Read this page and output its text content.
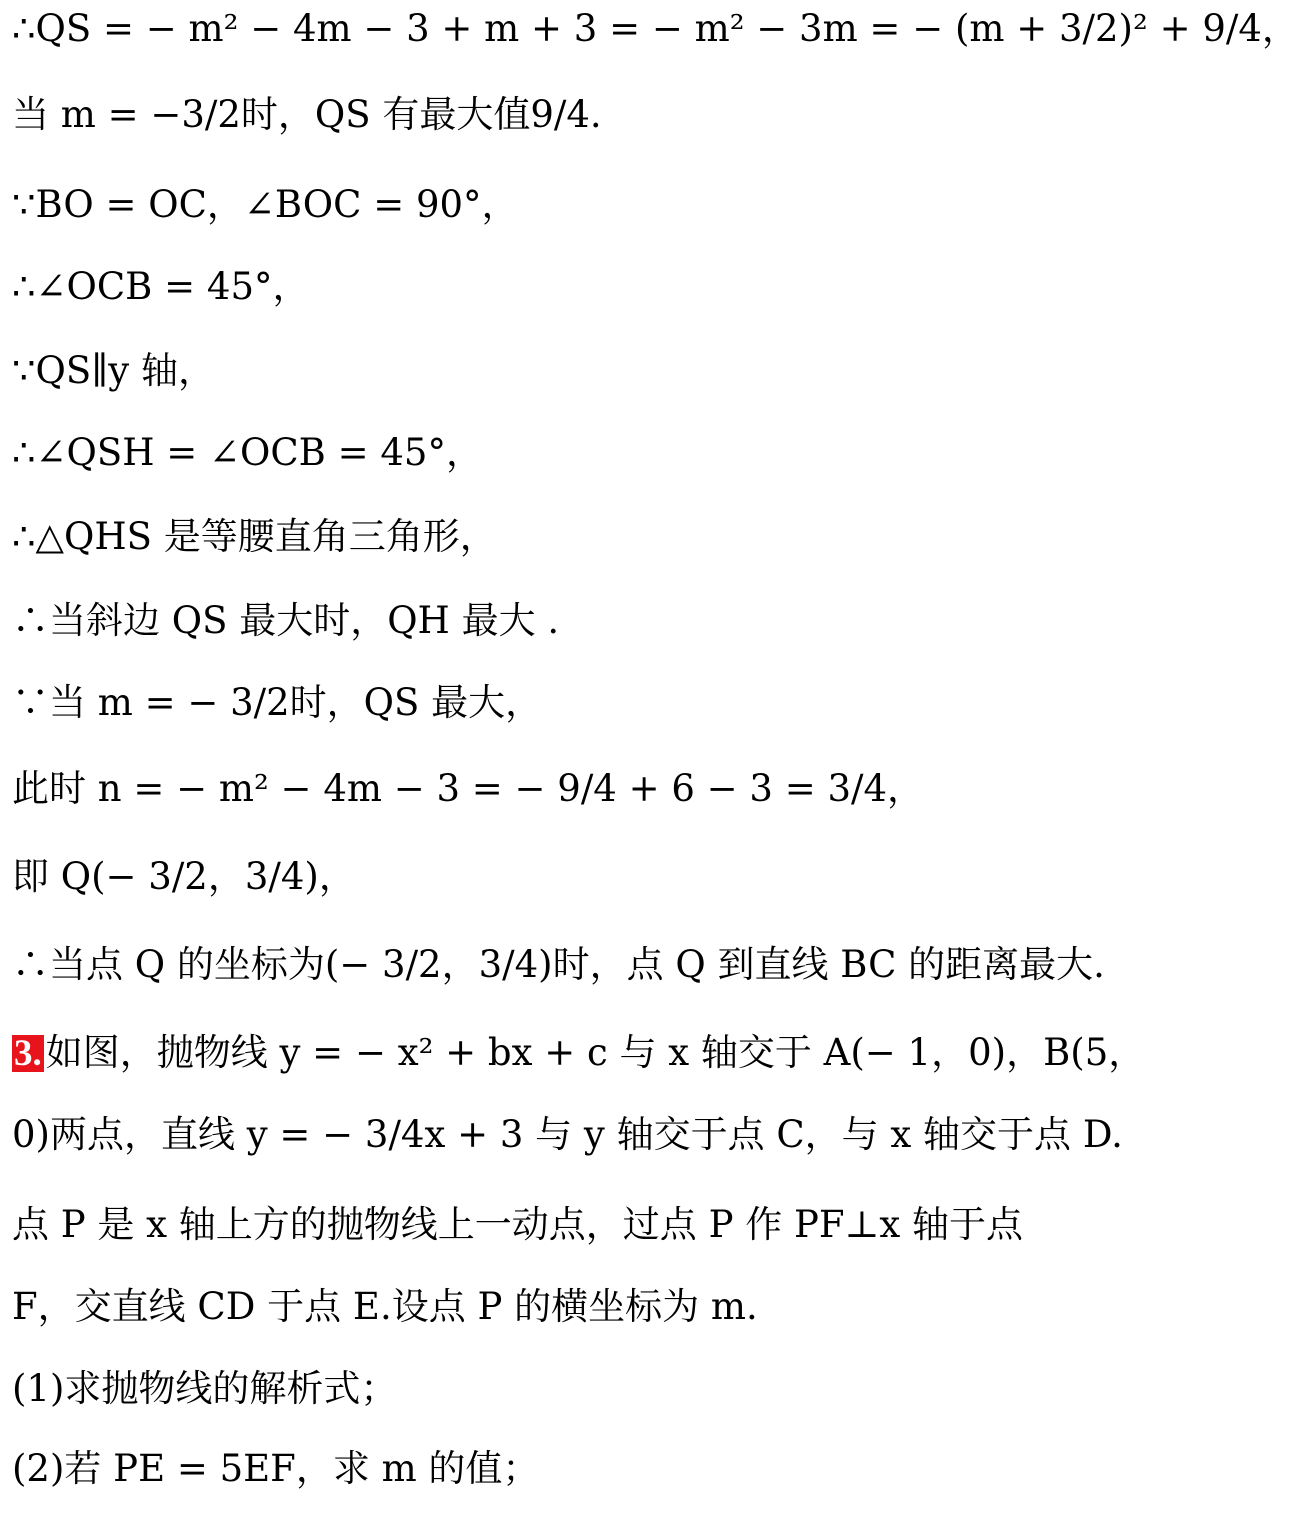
∴QS = − m² − 4m − 3 + m + 3 = − m² − 3m = − (m + 3/2)² + 9/4，
当 m = −3/2时，QS 有最大值9/4.
∵BO = OC，∠BOC = 90°，
∴∠OCB = 45°，
∵QS∥y 轴，
∴∠QSH = ∠OCB = 45°，
∴△QHS 是等腰直角三角形，
∴当斜边 QS 最大时，QH 最大 .
∵当 m = − 3/2时，QS 最大，
此时 n = − m² − 4m − 3 = − 9/4 + 6 − 3 = 3/4，
即 Q(− 3/2，3/4)，
∴当点 Q 的坐标为(− 3/2，3/4)时，点 Q 到直线 BC 的距离最大.
3. 如图，抛物线 y = − x² + bx + c 与 x 轴交于 A(− 1，0)，B(5，
0)两点，直线 y = − 3/4x + 3 与 y 轴交于点 C，与 x 轴交于点 D.
点 P 是 x 轴上方的抛物线上一动点，过点 P 作 PF⊥x 轴于点
F，交直线 CD 于点 E.设点 P 的横坐标为 m.
(1)求抛物线的解析式；
(2)若 PE = 5EF，求 m 的值；
